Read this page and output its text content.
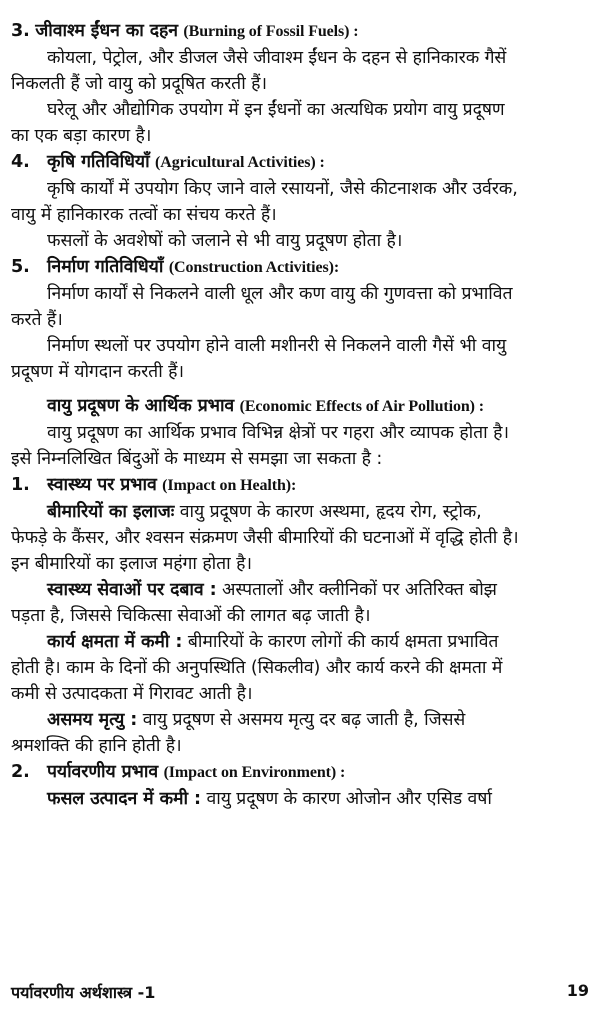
3. जीवाश्म ईंधन का दहन (Burning of Fossil Fuels) :
कोयला, पेट्रोल, और डीजल जैसे जीवाश्म ईंधन के दहन से हानिकारक गैसें
निकलती हैं जो वायु को प्रदूषित करती हैं।
घरेलू और औद्योगिक उपयोग में इन ईंधनों का अत्यधिक प्रयोग वायु प्रदूषण
का एक बड़ा कारण है।
4. कृषि गतिविधियाँ (Agricultural Activities) :
कृषि कार्यों में उपयोग किए जाने वाले रसायनों, जैसे कीटनाशक और उर्वरक,
वायु में हानिकारक तत्वों का संचय करते हैं।
फसलों के अवशेषों को जलाने से भी वायु प्रदूषण होता है।
5. निर्माण गतिविधियाँ (Construction Activities):
निर्माण कार्यों से निकलने वाली धूल और कण वायु की गुणवत्ता को प्रभावित
करते हैं।
निर्माण स्थलों पर उपयोग होने वाली मशीनरी से निकलने वाली गैसें भी वायु
प्रदूषण में योगदान करती हैं।
वायु प्रदूषण के आर्थिक प्रभाव (Economic Effects of Air Pollution) :
वायु प्रदूषण का आर्थिक प्रभाव विभिन्न क्षेत्रों पर गहरा और व्यापक होता है।
इसे निम्नलिखित बिंदुओं के माध्यम से समझा जा सकता है :
1. स्वास्थ्य पर प्रभाव (Impact on Health):
बीमारियों का इलाजः वायु प्रदूषण के कारण अस्थमा, हृदय रोग, स्ट्रोक,
फेफड़े के कैंसर, और श्वसन संक्रमण जैसी बीमारियों की घटनाओं में वृद्धि होती है।
इन बीमारियों का इलाज महंगा होता है।
स्वास्थ्य सेवाओं पर दबाव : अस्पतालों और क्लीनिकों पर अतिरिक्त बोझ
पड़ता है, जिससे चिकित्सा सेवाओं की लागत बढ़ जाती है।
कार्य क्षमता में कमी : बीमारियों के कारण लोगों की कार्य क्षमता प्रभावित
होती है। काम के दिनों की अनुपस्थिति (सिकलीव) और कार्य करने की क्षमता में
कमी से उत्पादकता में गिरावट आती है।
असमय मृत्यु : वायु प्रदूषण से असमय मृत्यु दर बढ़ जाती है, जिससे
श्रमशक्ति की हानि होती है।
2. पर्यावरणीय प्रभाव (Impact on Environment) :
फसल उत्पादन में कमी : वायु प्रदूषण के कारण ओजोन और एसिड वर्षा
पर्यावरणीय अर्थशास्त्र -1	19
